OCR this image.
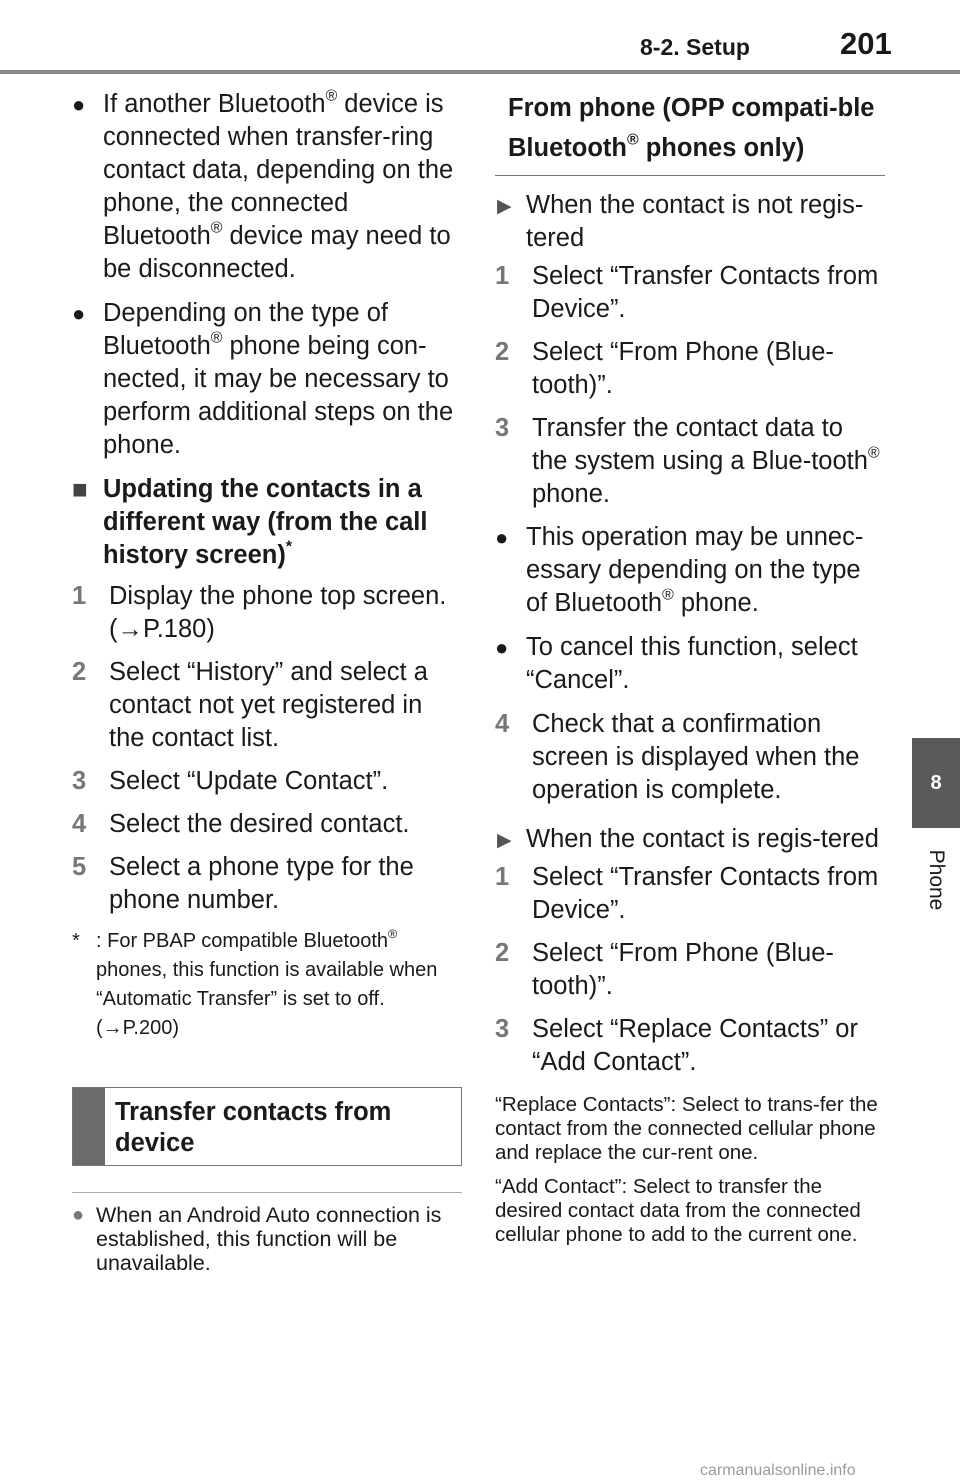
8-2. Setup	201
8
Phone
● If another Bluetooth® device is connected when transfer-ring contact data, depending on the phone, the connected Bluetooth® device may need to be disconnected.
● Depending on the type of Bluetooth® phone being con-nected, it may be necessary to perform additional steps on the phone.
■ Updating the contacts in a different way (from the call history screen)*
1 Display the phone top screen. (→P.180)
2 Select “History” and select a contact not yet registered in the contact list.
3 Select “Update Contact”.
4 Select the desired contact.
5 Select a phone type for the phone number.
* : For PBAP compatible Bluetooth® phones, this function is available when “Automatic Transfer” is set to off. (→P.200)
Transfer contacts from device
● When an Android Auto connection is established, this function will be unavailable.
From phone (OPP compati-ble Bluetooth® phones only)
▶ When the contact is not regis-tered
1 Select “Transfer Contacts from Device”.
2 Select “From Phone (Blue-tooth)”.
3 Transfer the contact data to the system using a Blue-tooth® phone.
● This operation may be unnec-essary depending on the type of Bluetooth® phone.
● To cancel this function, select “Cancel”.
4 Check that a confirmation screen is displayed when the operation is complete.
▶ When the contact is regis-tered
1 Select “Transfer Contacts from Device”.
2 Select “From Phone (Blue-tooth)”.
3 Select “Replace Contacts” or “Add Contact”.
“Replace Contacts”: Select to trans-fer the contact from the connected cellular phone and replace the cur-rent one.
“Add Contact”: Select to transfer the desired contact data from the connected cellular phone to add to the current one.
carmanualsonline.info
